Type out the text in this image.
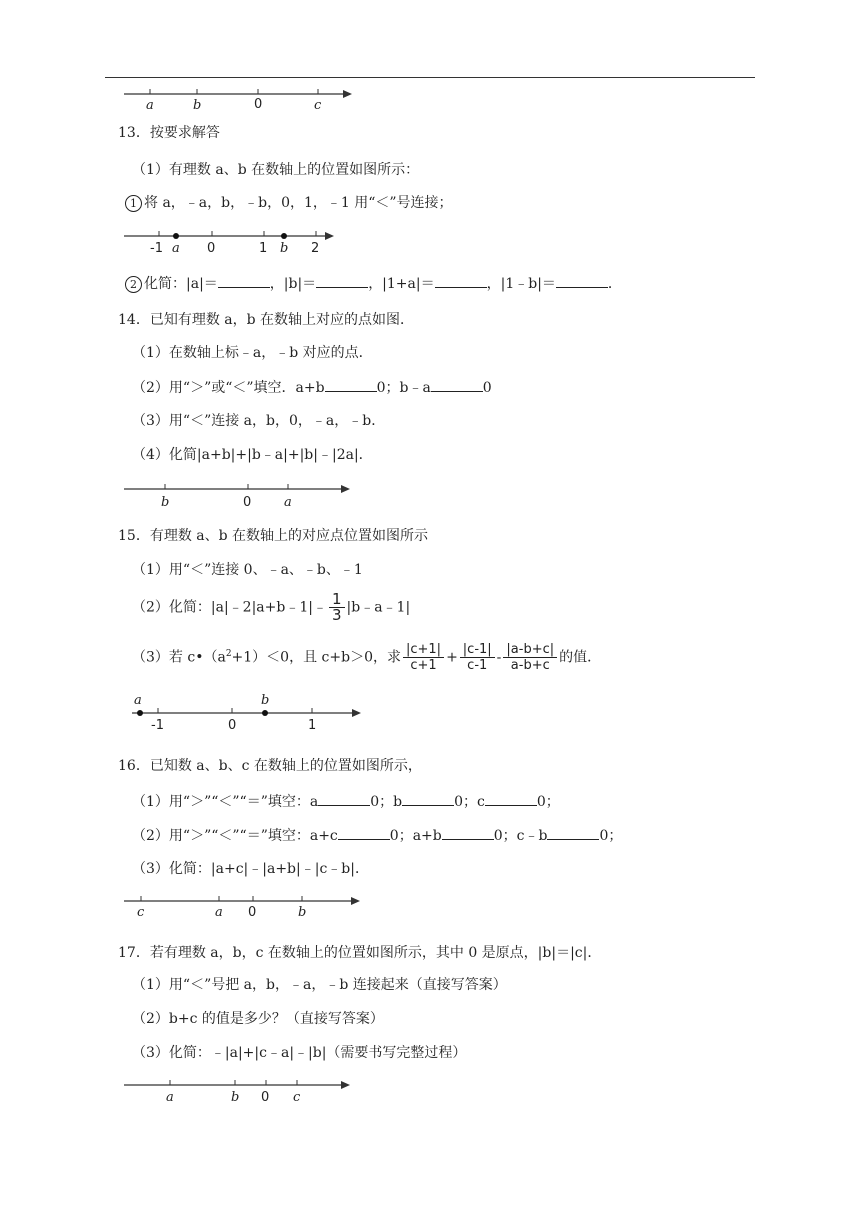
a	b	0	c
13．按要求解答
（1）有理数 a、b 在数轴上的位置如图所示：
1 将 a，﹣a，b，﹣b，0，1，﹣1 用“＜”号连接；
-1 a 0	1 b 2
2 化简：|a|＝	，|b|＝	，|1+a|＝	，|1﹣b|＝	．
14．已知有理数 a，b 在数轴上对应的点如图．
（1）在数轴上标﹣a，﹣b 对应的点．
（2）用“＞”或“＜”填空．a+b	0；b﹣a	0
（3）用“＜”连接 a，b，0，﹣a，﹣b．
（4）化简|a+b|+|b﹣a|+|b|﹣|2a|．
b	0	a
15．有理数 a、b 在数轴上的对应点位置如图所示
（1）用“＜”连接 0、﹣a、﹣b、﹣1
（2）化简：|a|﹣2|a+b﹣1|﹣ $\frac{1}{3}$ |b﹣a﹣1|
（3）若 $c•(a^2+1)<0$，且 c+b＞0，求 $\frac{|c+1|}{c+1} + \frac{|c-1|}{c-1} - \frac{|a-b+c|}{a-b+c}$ 的值．
a
-1	0
b
1
16．已知数 a、b、c 在数轴上的位置如图所示，
（1）用“＞”“＜”“＝”填空：a	0；b	0；c	0；
（2）用“＞”“＜”“＝”填空：a+c	0；a+b	0；c﹣b	0；
（3）化简：|a+c|﹣|a+b|﹣|c﹣b|．
c	a 0	b
17．若有理数 a，b，c 在数轴上的位置如图所示，其中 0 是原点，|b|＝|c|．
（1）用“＜”号把 a，b，﹣a，﹣b 连接起来（直接写答案）
（2）b+c 的值是多少？（直接写答案）
（3）化简：﹣|a|+|c﹣a|﹣|b|（需要书写完整过程）
a	b 0 c
